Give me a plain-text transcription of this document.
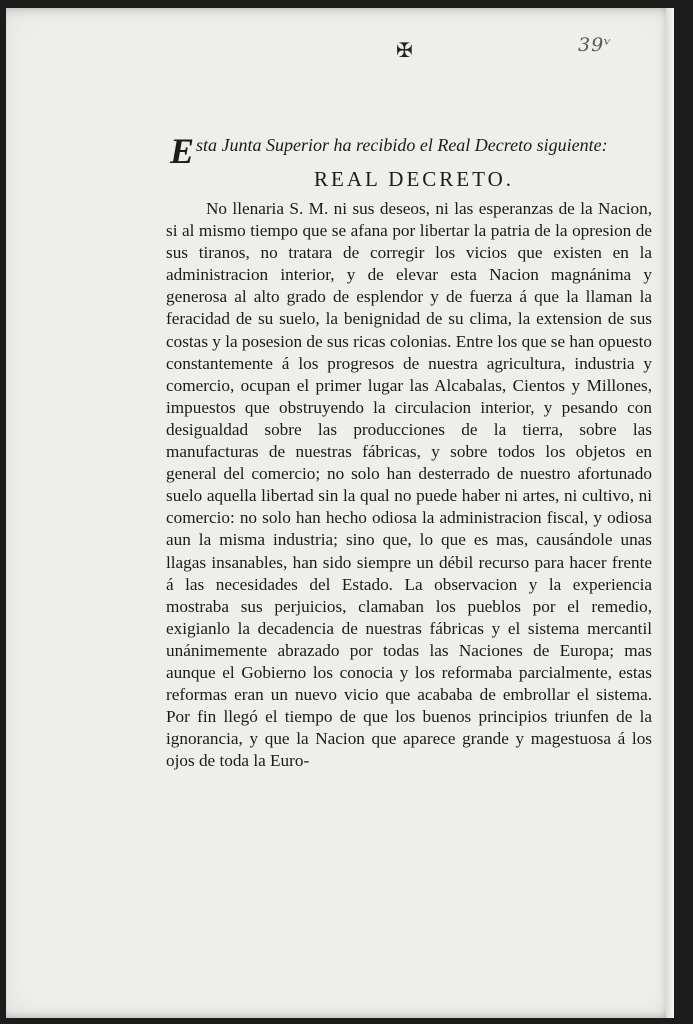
✠	39ᵛ

Esta Junta Superior ha recibido el Real Decreto siguiente:

REAL DECRETO.

No llenaria S. M. ni sus deseos, ni las esperanzas de la Nacion, si al mismo tiempo que se afana por libertar la patria de la opresion de sus tiranos, no tratara de corregir los vicios que existen en la administracion interior, y de elevar esta Nacion magnánima y generosa al alto grado de esplendor y de fuerza á que la llaman la feracidad de su suelo, la benignidad de su clima, la extension de sus costas y la posesion de sus ricas colonias. Entre los que se han opuesto constantemente á los progresos de nuestra agricultura, industria y comercio, ocupan el primer lugar las Alcabalas, Cientos y Millones, impuestos que obstruyendo la circulacion interior, y pesando con desigualdad sobre las producciones de la tierra, sobre las manufacturas de nuestras fábricas, y sobre todos los objetos en general del comercio; no solo han desterrado de nuestro afortunado suelo aquella libertad sin la qual no puede haber ni artes, ni cultivo, ni comercio: no solo han hecho odiosa la administracion fiscal, y odiosa aun la misma industria; sino que, lo que es mas, causándole unas llagas insanables, han sido siempre un débil recurso para hacer frente á las necesidades del Estado. La observacion y la experiencia mostraba sus perjuicios, clamaban los pueblos por el remedio, exigianlo la decadencia de nuestras fábricas y el sistema mercantil unánimemente abrazado por todas las Naciones de Europa; mas aunque el Gobierno los conocia y los reformaba parcialmente, estas reformas eran un nuevo vicio que acababa de embrollar el sistema. Por fin llegó el tiempo de que los buenos principios triunfen de la ignorancia, y que la Nacion que aparece grande y magestuosa á los ojos de toda la Euro-
